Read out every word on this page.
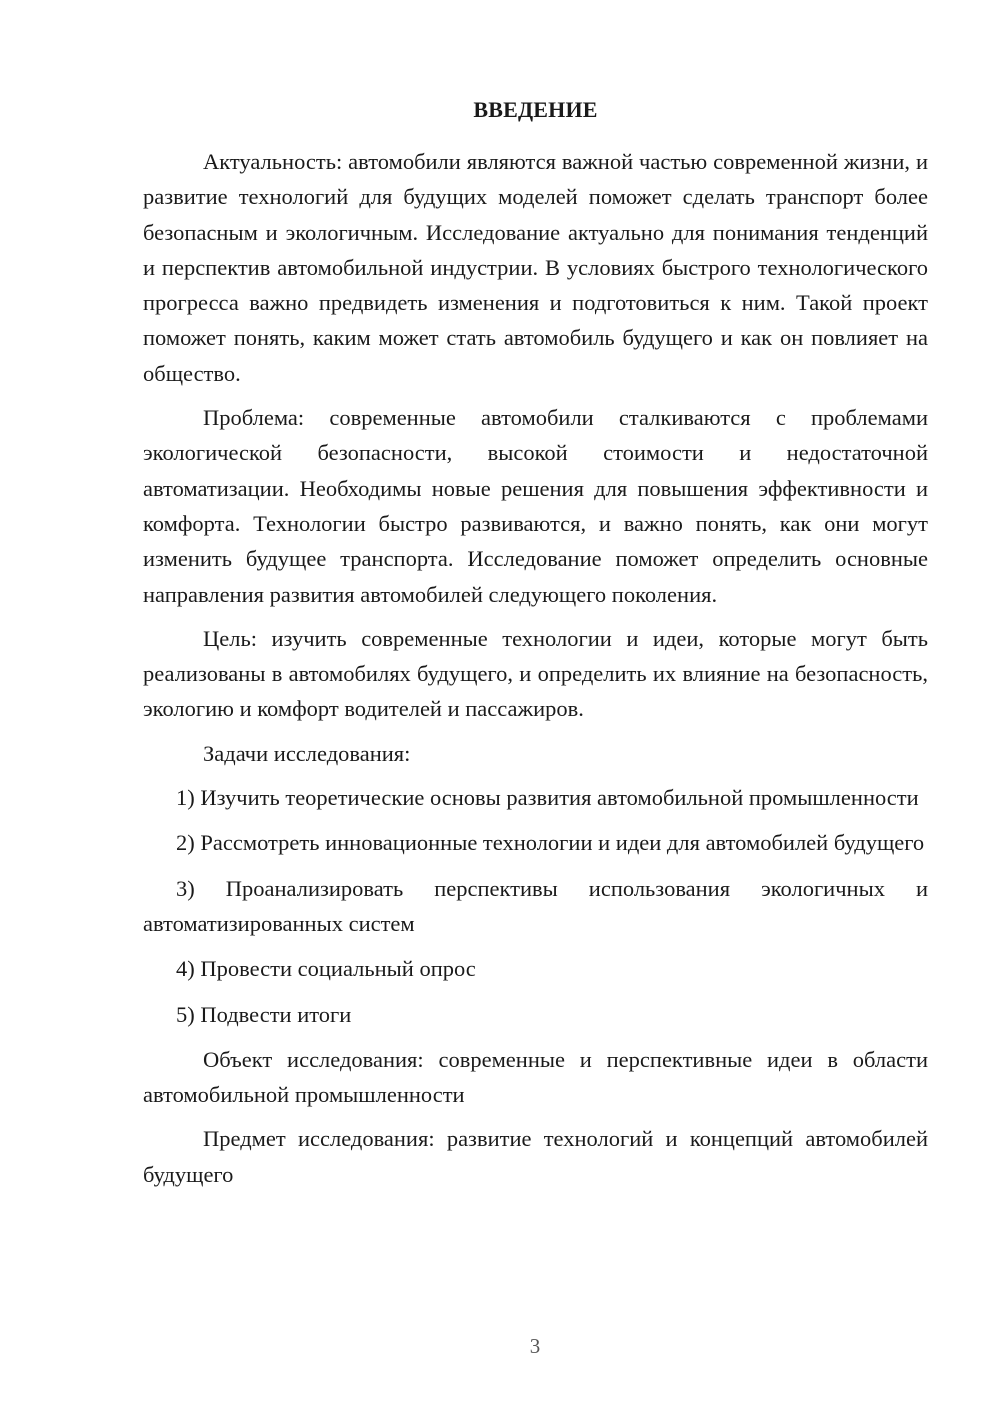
ВВЕДЕНИЕ

Актуальность: автомобили являются важной частью современной жизни, и развитие технологий для будущих моделей поможет сделать транспорт более безопасным и экологичным. Исследование актуально для понимания тенденций и перспектив автомобильной индустрии. В условиях быстрого технологического прогресса важно предвидеть изменения и подготовиться к ним. Такой проект поможет понять, каким может стать автомобиль будущего и как он повлияет на общество.

Проблема: современные автомобили сталкиваются с проблемами экологической безопасности, высокой стоимости и недостаточной автоматизации. Необходимы новые решения для повышения эффективности и комфорта. Технологии быстро развиваются, и важно понять, как они могут изменить будущее транспорта. Исследование поможет определить основные направления развития автомобилей следующего поколения.

Цель: изучить современные технологии и идеи, которые могут быть реализованы в автомобилях будущего, и определить их влияние на безопасность, экологию и комфорт водителей и пассажиров.

Задачи исследования:

1) Изучить теоретические основы развития автомобильной промышленности

2) Рассмотреть инновационные технологии и идеи для автомобилей будущего

3) Проанализировать перспективы использования экологичных и автоматизированных систем

4) Провести социальный опрос

5) Подвести итоги

Объект исследования: современные и перспективные идеи в области автомобильной промышленности

Предмет исследования: развитие технологий и концепций автомобилей будущего

3
